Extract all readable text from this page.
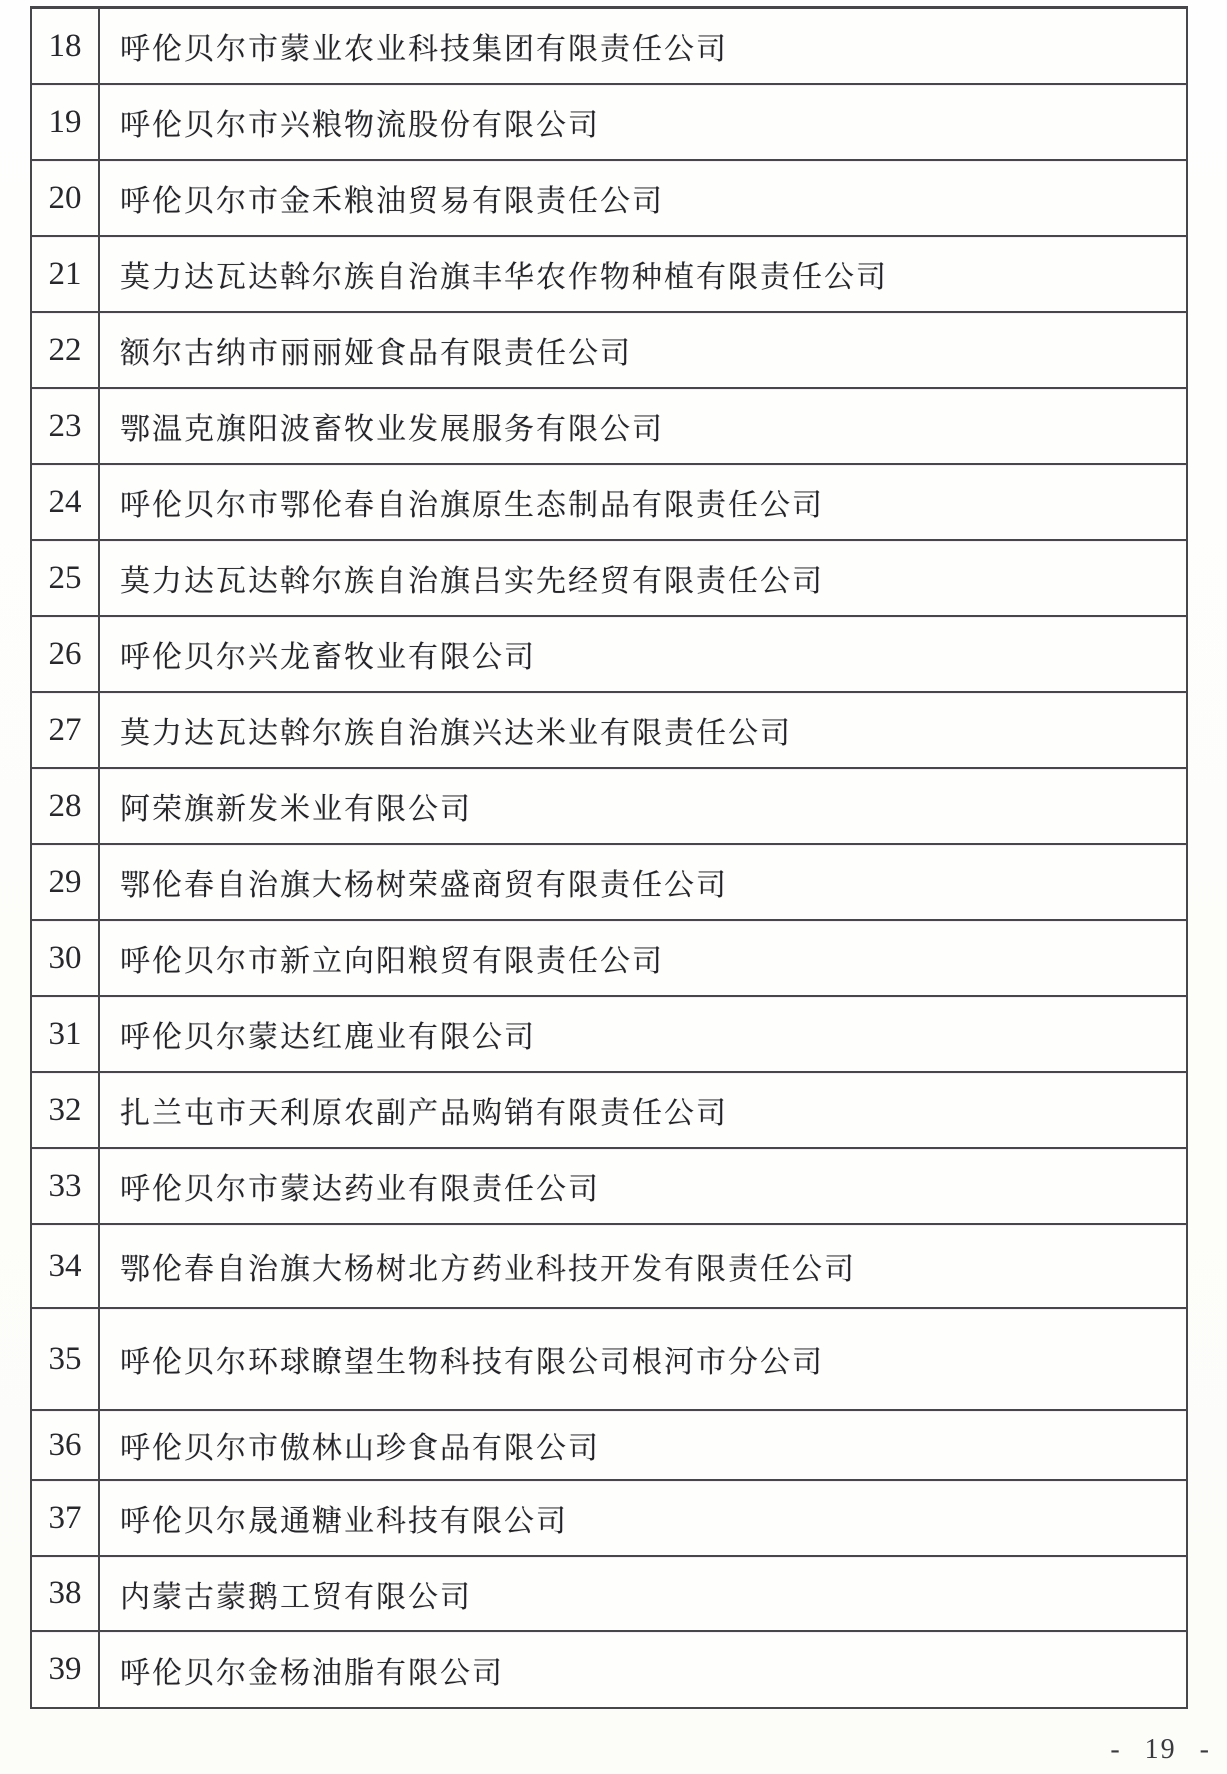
18	呼伦贝尔市蒙业农业科技集团有限责任公司
19	呼伦贝尔市兴粮物流股份有限公司
20	呼伦贝尔市金禾粮油贸易有限责任公司
21	莫力达瓦达斡尔族自治旗丰华农作物种植有限责任公司
22	额尔古纳市丽丽娅食品有限责任公司
23	鄂温克旗阳波畜牧业发展服务有限公司
24	呼伦贝尔市鄂伦春自治旗原生态制品有限责任公司
25	莫力达瓦达斡尔族自治旗吕实先经贸有限责任公司
26	呼伦贝尔兴龙畜牧业有限公司
27	莫力达瓦达斡尔族自治旗兴达米业有限责任公司
28	阿荣旗新发米业有限公司
29	鄂伦春自治旗大杨树荣盛商贸有限责任公司
30	呼伦贝尔市新立向阳粮贸有限责任公司
31	呼伦贝尔蒙达红鹿业有限公司
32	扎兰屯市天利原农副产品购销有限责任公司
33	呼伦贝尔市蒙达药业有限责任公司
34	鄂伦春自治旗大杨树北方药业科技开发有限责任公司
35	呼伦贝尔环球瞭望生物科技有限公司根河市分公司
36	呼伦贝尔市傲林山珍食品有限公司
37	呼伦贝尔晟通糖业科技有限公司
38	内蒙古蒙鹅工贸有限公司
39	呼伦贝尔金杨油脂有限公司
- 19 -
